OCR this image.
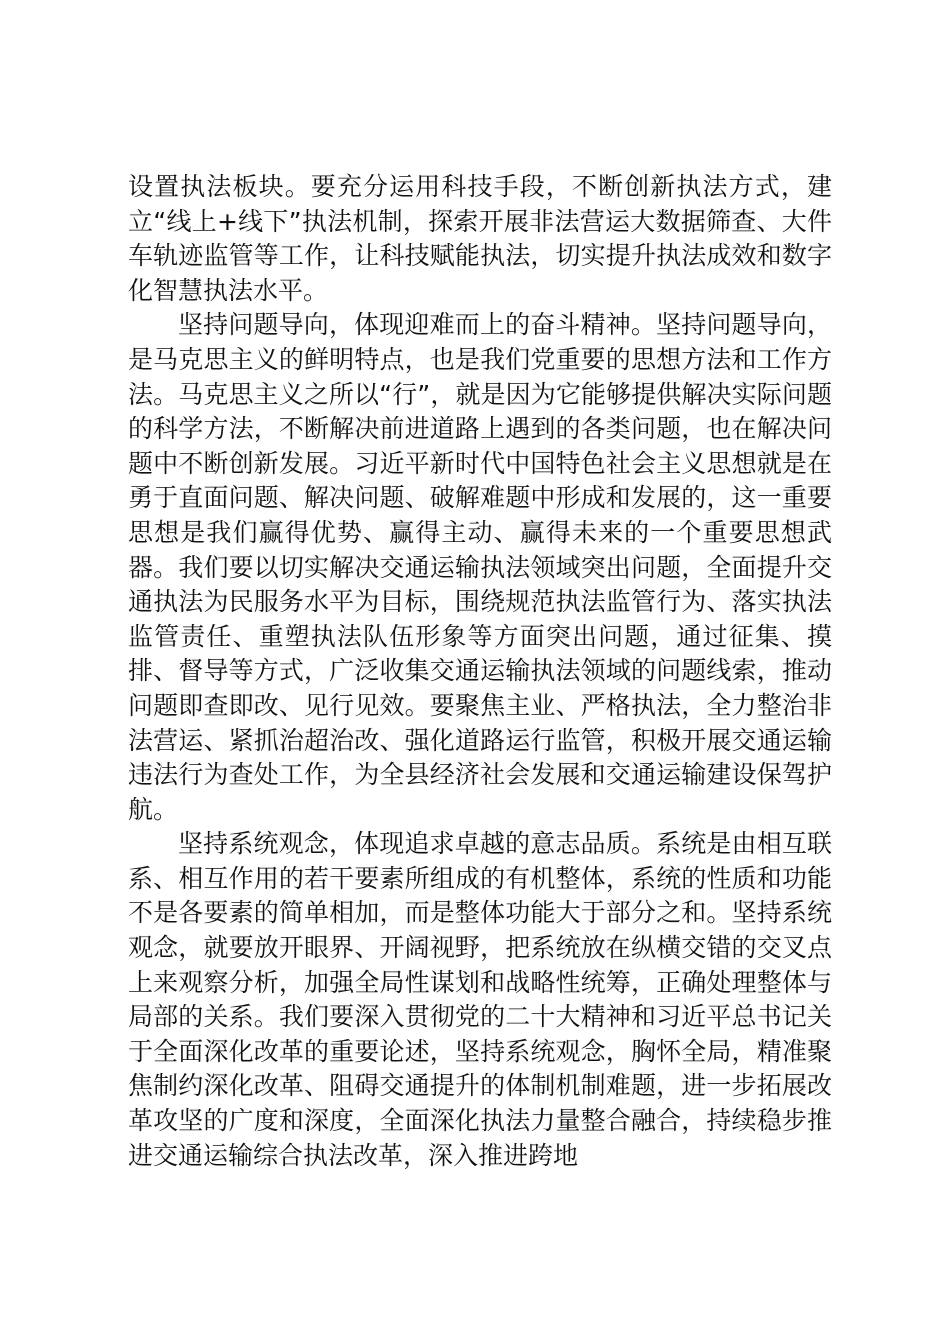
设置执法板块。要充分运用科技手段，不断创新执法方式，建立“线上+线下”执法机制，探索开展非法营运大数据筛查、大件车轨迹监管等工作，让科技赋能执法，切实提升执法成效和数字化智慧执法水平。

坚持问题导向，体现迎难而上的奋斗精神。坚持问题导向，是马克思主义的鲜明特点，也是我们党重要的思想方法和工作方法。马克思主义之所以“行”，就是因为它能够提供解决实际问题的科学方法，不断解决前进道路上遇到的各类问题，也在解决问题中不断创新发展。习近平新时代中国特色社会主义思想就是在勇于直面问题、解决问题、破解难题中形成和发展的，这一重要思想是我们赢得优势、赢得主动、赢得未来的一个重要思想武器。我们要以切实解决交通运输执法领域突出问题，全面提升交通执法为民服务水平为目标，围绕规范执法监管行为、落实执法监管责任、重塑执法队伍形象等方面突出问题，通过征集、摸排、督导等方式，广泛收集交通运输执法领域的问题线索，推动问题即查即改、见行见效。要聚焦主业、严格执法，全力整治非法营运、紧抓治超治改、强化道路运行监管，积极开展交通运输违法行为查处工作，为全县经济社会发展和交通运输建设保驾护航。

坚持系统观念，体现追求卓越的意志品质。系统是由相互联系、相互作用的若干要素所组成的有机整体，系统的性质和功能不是各要素的简单相加，而是整体功能大于部分之和。坚持系统观念，就要放开眼界、开阔视野，把系统放在纵横交错的交叉点上来观察分析，加强全局性谋划和战略性统筹，正确处理整体与局部的关系。我们要深入贯彻党的二十大精神和习近平总书记关于全面深化改革的重要论述，坚持系统观念，胸怀全局，精准聚焦制约深化改革、阻碍交通提升的体制机制难题，进一步拓展改革攻坚的广度和深度，全面深化执法力量整合融合，持续稳步推进交通运输综合执法改革，深入推进跨地
